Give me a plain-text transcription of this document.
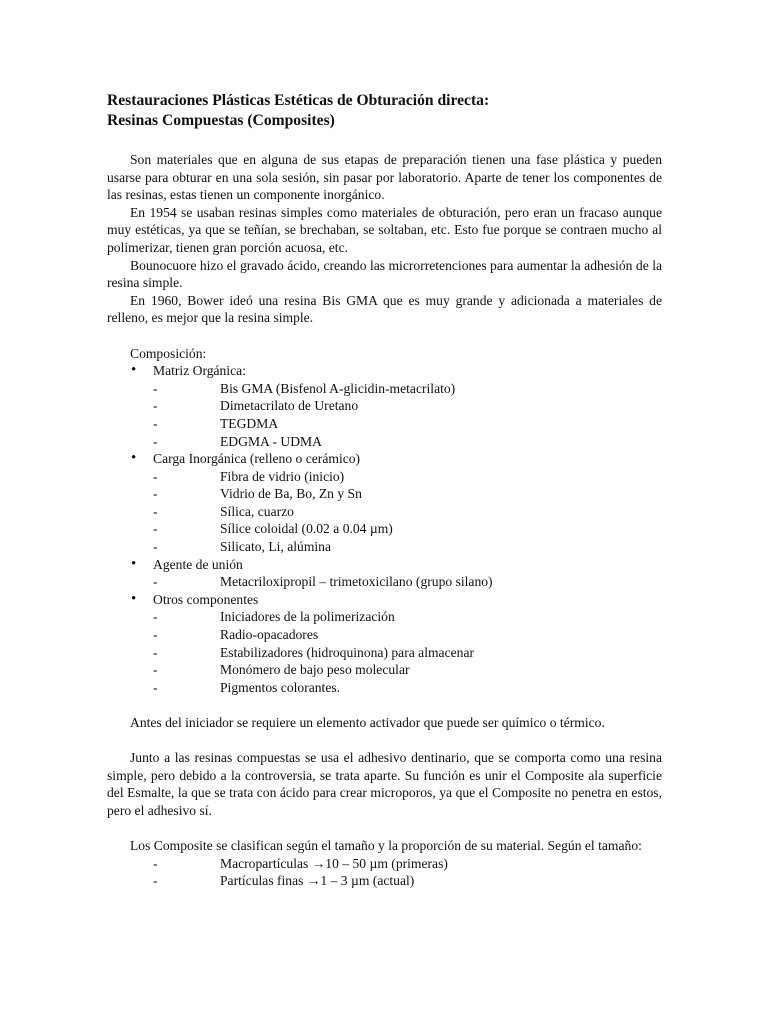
Restauraciones Plásticas Estéticas de Obturación directa:
Resinas Compuestas (Composites)

Son materiales que en alguna de sus etapas de preparación tienen una fase plástica y pueden usarse para obturar en una sola sesión, sin pasar por laboratorio. Aparte de tener los componentes de las resinas, estas tienen un componente inorgánico.

En 1954 se usaban resinas simples como materiales de obturación, pero eran un fracaso aunque muy estéticas, ya que se teñían, se brechaban, se soltaban, etc. Esto fue porque se contraen mucho al polimerizar, tienen gran porción acuosa, etc.

Bounocuore hizo el gravado ácido, creando las microrretenciones para aumentar la adhesión de la resina simple.

En 1960, Bower ideó una resina Bis GMA que es muy grande y adicionada a materiales de relleno, es mejor que la resina simple.

Composición:

• Matriz Orgánica:
- Bis GMA (Bisfenol A-glicidin-metacrilato)
- Dimetacrilato de Uretano
- TEGDMA
- EDGMA - UDMA
• Carga Inorgánica (relleno o cerámico)
- Fibra de vidrio (inicio)
- Vidrio de Ba, Bo, Zn y Sn
- Sílica, cuarzo
- Sílice coloidal (0.02 a 0.04 µm)
- Silicato, Li, alúmina
• Agente de unión
- Metacriloxipropil – trimetoxicilano (grupo silano)
• Otros componentes
- Iniciadores de la polimerización
- Radio-opacadores
- Estabilizadores (hidroquinona) para almacenar
- Monómero de bajo peso molecular
- Pigmentos colorantes.

Antes del iniciador se requiere un elemento activador que puede ser químico o térmico.

Junto a las resinas compuestas se usa el adhesivo dentinario, que se comporta como una resina simple, pero debido a la controversia, se trata aparte. Su función es unir el Composite ala superficie del Esmalte, la que se trata con ácido para crear microporos, ya que el Composite no penetra en estos, pero el adhesivo sí.

Los Composite se clasifican según el tamaño y la proporción de su material. Según el tamaño:

- Macropartículas →10 – 50 µm (primeras)
- Partículas finas →1 – 3 µm (actual)
